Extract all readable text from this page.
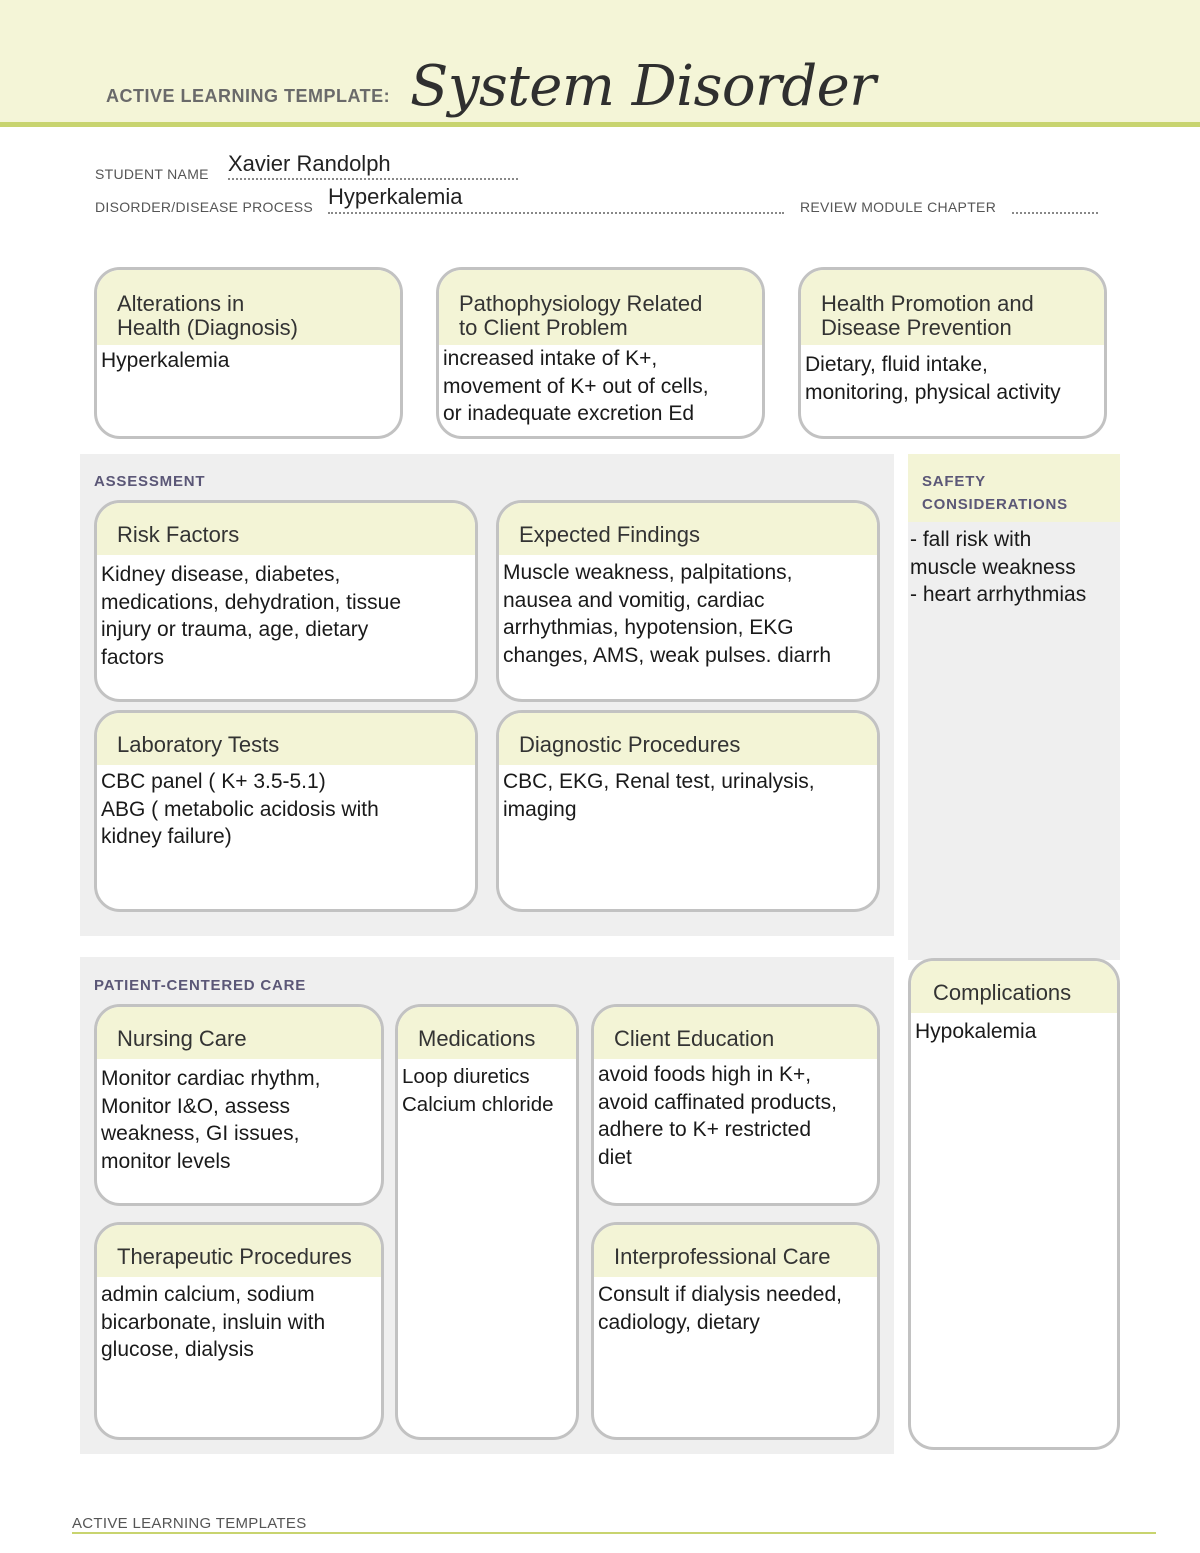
ACTIVE LEARNING TEMPLATE: System Disorder
STUDENT NAME Xavier Randolph
DISORDER/DISEASE PROCESS Hyperkalemia	REVIEW MODULE CHAPTER
Alterations in
Health (Diagnosis)
Hyperkalemia
Pathophysiology Related
to Client Problem
increased intake of K+,
movement of K+ out of cells,
or inadequate excretion Ed
Health Promotion and
Disease Prevention
Dietary, fluid intake,
monitoring, physical activity
ASSESSMENT
Risk Factors
Kidney disease, diabetes,
medications, dehydration, tissue
injury or trauma, age, dietary
factors
Expected Findings
Muscle weakness, palpitations,
nausea and vomitig, cardiac
arrhythmias, hypotension, EKG
changes, AMS, weak pulses. diarrh
Laboratory Tests
CBC panel ( K+ 3.5-5.1)
ABG ( metabolic acidosis with
kidney failure)
Diagnostic Procedures
CBC, EKG, Renal test, urinalysis,
imaging
SAFETY
CONSIDERATIONS
- fall risk with
muscle weakness
- heart arrhythmias
Complications
Hypokalemia
PATIENT-CENTERED CARE
Nursing Care
Monitor cardiac rhythm,
Monitor I&O, assess
weakness, GI issues,
monitor levels
Medications
Loop diuretics
Calcium chloride
Client Education
avoid foods high in K+,
avoid caffinated products,
adhere to K+ restricted
diet
Therapeutic Procedures
admin calcium, sodium
bicarbonate, insluin with
glucose, dialysis
Interprofessional Care
Consult if dialysis needed,
cadiology, dietary
ACTIVE LEARNING TEMPLATES
